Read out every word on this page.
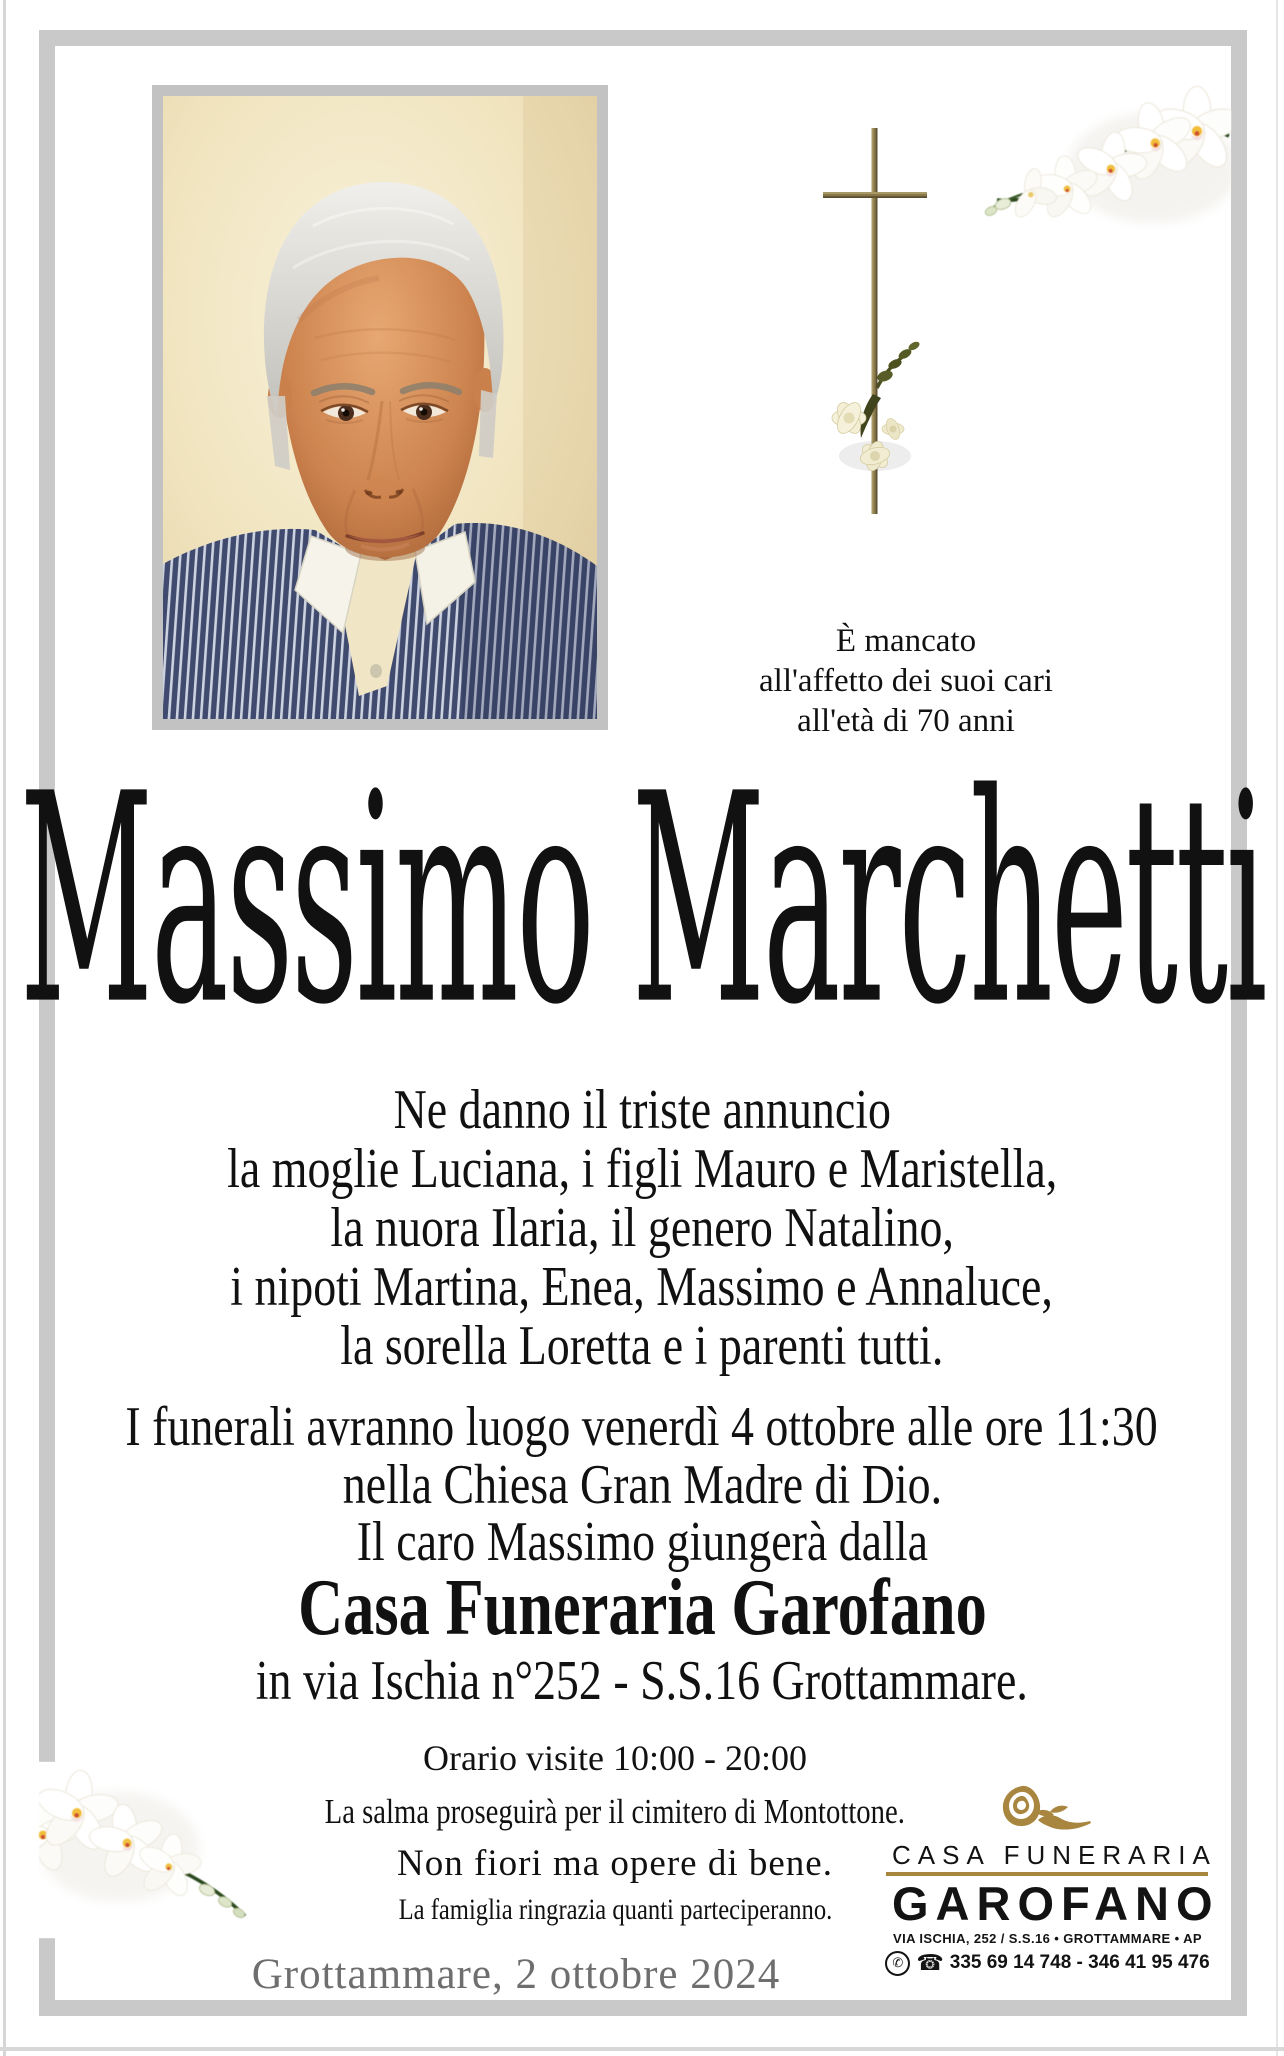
È mancato
all'affetto dei suoi cari
all'età di 70 anni
Massimo Marchetti
Ne danno il triste annuncio
la moglie Luciana, i figli Mauro e Maristella,
la nuora Ilaria, il genero Natalino,
i nipoti Martina, Enea, Massimo e Annaluce,
la sorella Loretta e i parenti tutti.
I funerali avranno luogo venerdì 4 ottobre alle ore 11:30
nella Chiesa Gran Madre di Dio.
Il caro Massimo giungerà dalla
Casa Funeraria Garofano
in via Ischia n°252 - S.S.16 Grottammare.
Orario visite 10:00 - 20:00
La salma proseguirà per il cimitero di Montottone.
Non fiori ma opere di bene.
La famiglia ringrazia quanti parteciperanno.
Grottammare, 2 ottobre 2024
CASA FUNERARIA
GAROFANO
VIA ISCHIA, 252 / S.S.16 • GROTTAMMARE • AP
✆ ☎ 335 69 14 748 - 346 41 95 476
